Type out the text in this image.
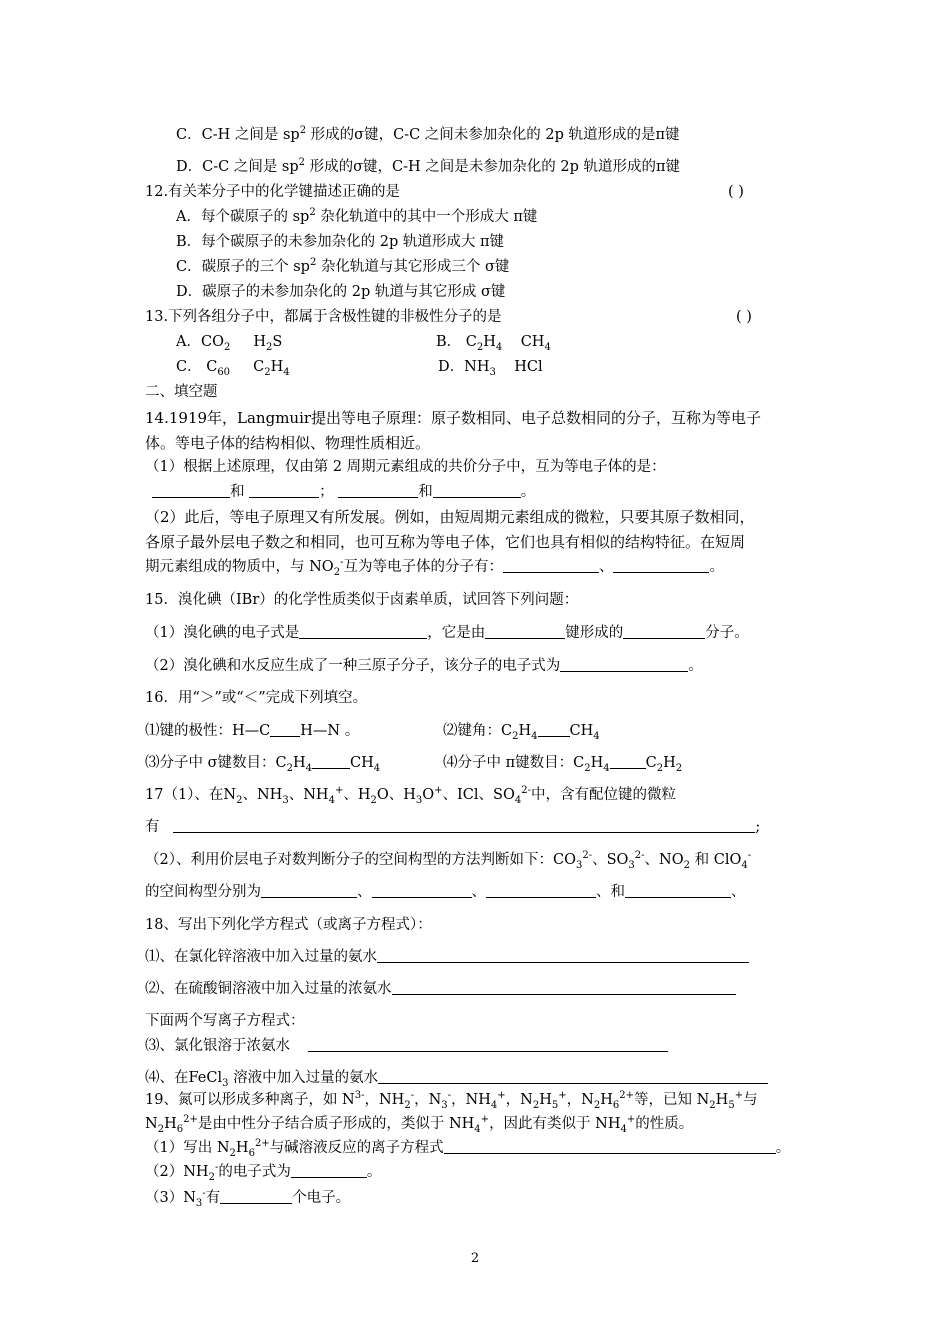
C．C-H 之间是 $sp^2$ 形成的σ键，C-C 之间未参加杂化的 2p 轨道形成的是π键
D．C-C 之间是 $sp^2$ 形成的σ键，C-H 之间是未参加杂化的 2p 轨道形成的π键
12.有关苯分子中的化学键描述正确的是	( )
A．每个碳原子的 $sp^2$ 杂化轨道中的其中一个形成大 π键
B．每个碳原子的未参加杂化的 2p 轨道形成大 π键
C．碳原子的三个 $sp^2$ 杂化轨道与其它形成三个 σ键
D．碳原子的未参加杂化的 2p 轨道与其它形成 σ键
13.下列各组分子中，都属于含极性键的非极性分子的是	( )
A．$CO_2$     $H_2S$	B． $C_2H_4$    $CH_4$
C． $C_{60}$     $C_2H_4$	D．$NH_3$    HCl
二、填空题
14.1919年，Langmuir提出等电子原理：原子数相同、电子总数相同的分子，互称为等电子
体。等电子体的结构相似、物理性质相近。
（1）根据上述原理，仅由第 2 周期元素组成的共价分子中，互为等电子体的是：
和	；	和	。
（2）此后，等电子原理又有所发展。例如，由短周期元素组成的微粒，只要其原子数相同，
各原子最外层电子数之和相同，也可互称为等电子体，它们也具有相似的结构特征。在短周
期元素组成的物质中，与 $NO_2^-$互为等电子体的分子有：	、	。
15．溴化碘（IBr）的化学性质类似于卤素单质，试回答下列问题：
（1）溴化碘的电子式是	，它是由	键形成的	分子。
（2）溴化碘和水反应生成了一种三原子分子，该分子的电子式为	。
16．用“＞”或“＜”完成下列填空。
⑴键的极性：H—C H—N 。	⑵键角：$C_2H_4$ $CH_4$
⑶分子中 σ键数目：$C_2H_4$	$CH_4$	⑷分子中 π键数目：$C_2H_4$ $C_2H_2$
17（1）、在$N_2$、$NH_3$、$NH_4^+$、$H_2O$、$H_3O^+$、ICl、$SO_4^{2-}$中，含有配位键的微粒
有	;
（2）、利用价层电子对数判断分子的空间构型的方法判断如下：$CO_3^{2-}$、$SO_3^{2-}$、$NO_2$ 和 ClO$_4$-
的空间构型分别为	、	、	、和	、
18、写出下列化学方程式（或离子方程式）：
⑴、在氯化锌溶液中加入过量的氨水
⑵、在硫酸铜溶液中加入过量的浓氨水
下面两个写离子方程式：
⑶、氯化银溶于浓氨水
⑷、在FeCl$_3$ 溶液中加入过量的氨水
19、氮可以形成多种离子，如 $N^{3-}$，$NH_2^-$，$N_3^-$，$NH_4^+$，$N_2H_5^+$，$N_2H_6^{2+}$等，已知 $N_2H_5^+$与
$N_2H_6^{2+}$是由中性分子结合质子形成的，类似于 $NH_4^+$，因此有类似于 $NH_4^+$的性质。
（1）写出 $N_2H_6^{2+}$与碱溶液反应的离子方程式	。
$(2)NH_2^-$的电子式为	。
$(3)N_3^-$有	个电子。
2
